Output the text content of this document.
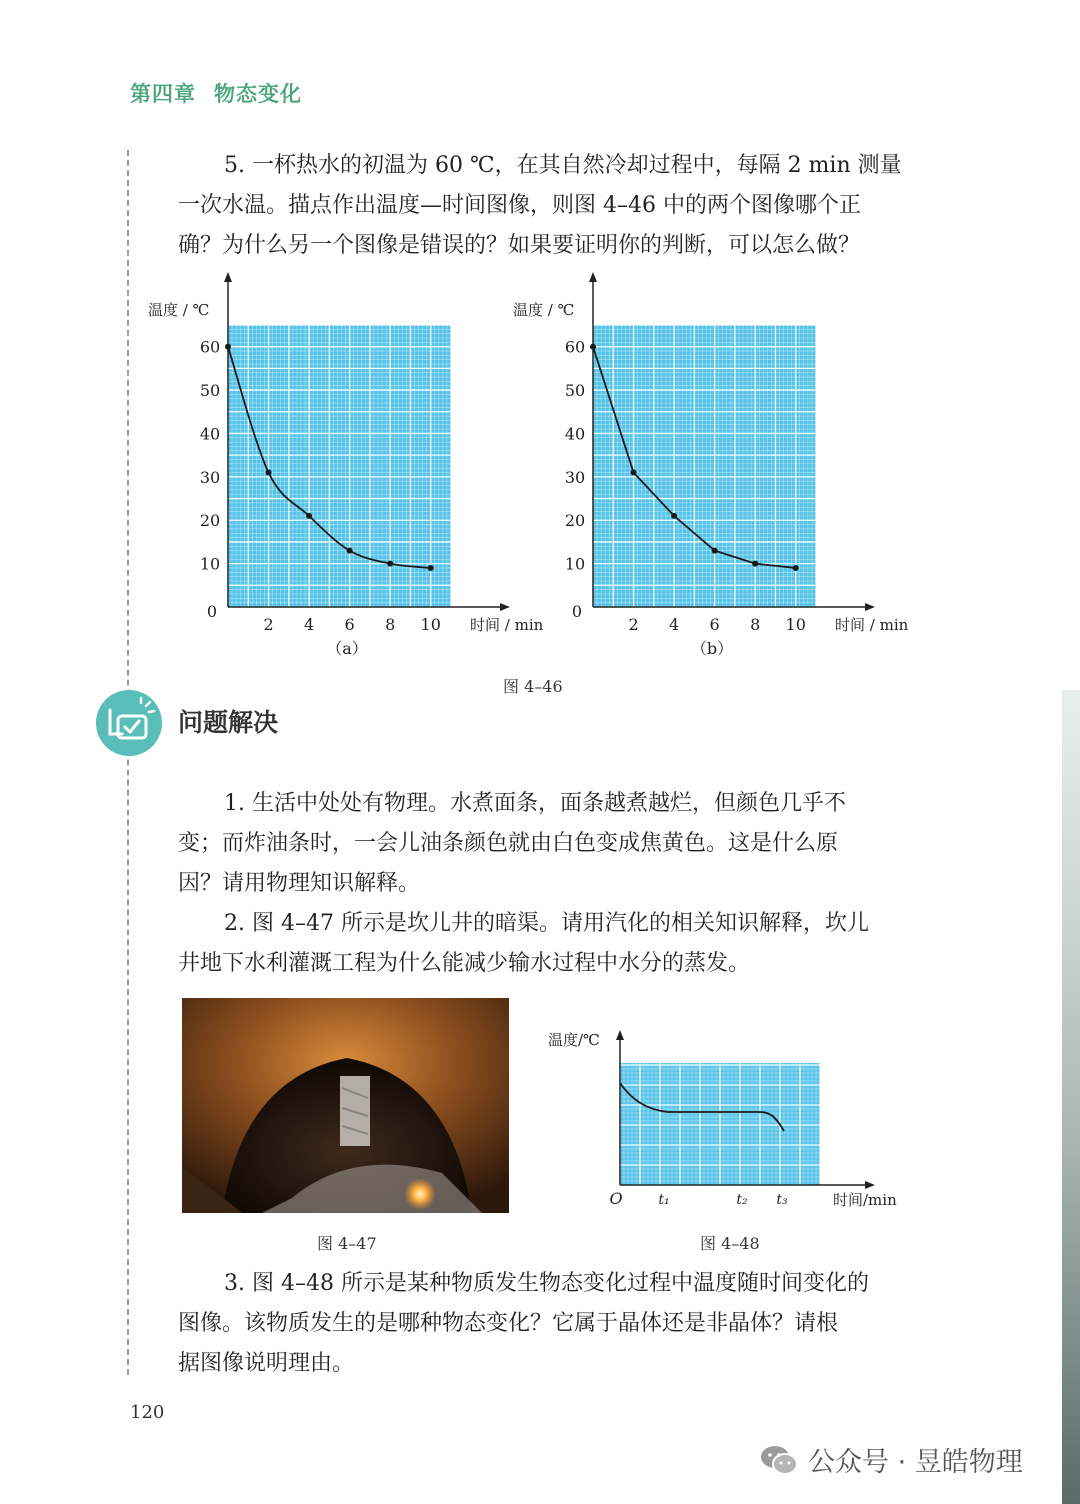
第四章 物态变化
5. 一杯热水的初温为 60 ℃，在其自然冷却过程中，每隔 2 min 测量
一次水温。描点作出温度—时间图像，则图 4–46 中的两个图像哪个正
确？为什么另一个图像是错误的？如果要证明你的判断，可以怎么做？
温度 / ℃
时间 / min
0
10
20
30
40
50
60
2 4 6 8 10
（a）
温度 / ℃
时间 / min
0
10
20
30
40
50
60
2 4 6 8 10
（b）
图 4–46
问题解决
1. 生活中处处有物理。水煮面条，面条越煮越烂，但颜色几乎不
变；而炸油条时，一会儿油条颜色就由白色变成焦黄色。这是什么原
因？请用物理知识解释。
2. 图 4–47 所示是坎儿井的暗渠。请用汽化的相关知识解释，坎儿
井地下水利灌溉工程为什么能减少输水过程中水分的蒸发。
图 4–47
温度/℃
时间/min
O	t₁	t₂ t₃
图 4–48
3. 图 4–48 所示是某种物质发生物态变化过程中温度随时间变化的
图像。该物质发生的是哪种物态变化？它属于晶体还是非晶体？请根
据图像说明理由。
120
公众号 · 昱皓物理
